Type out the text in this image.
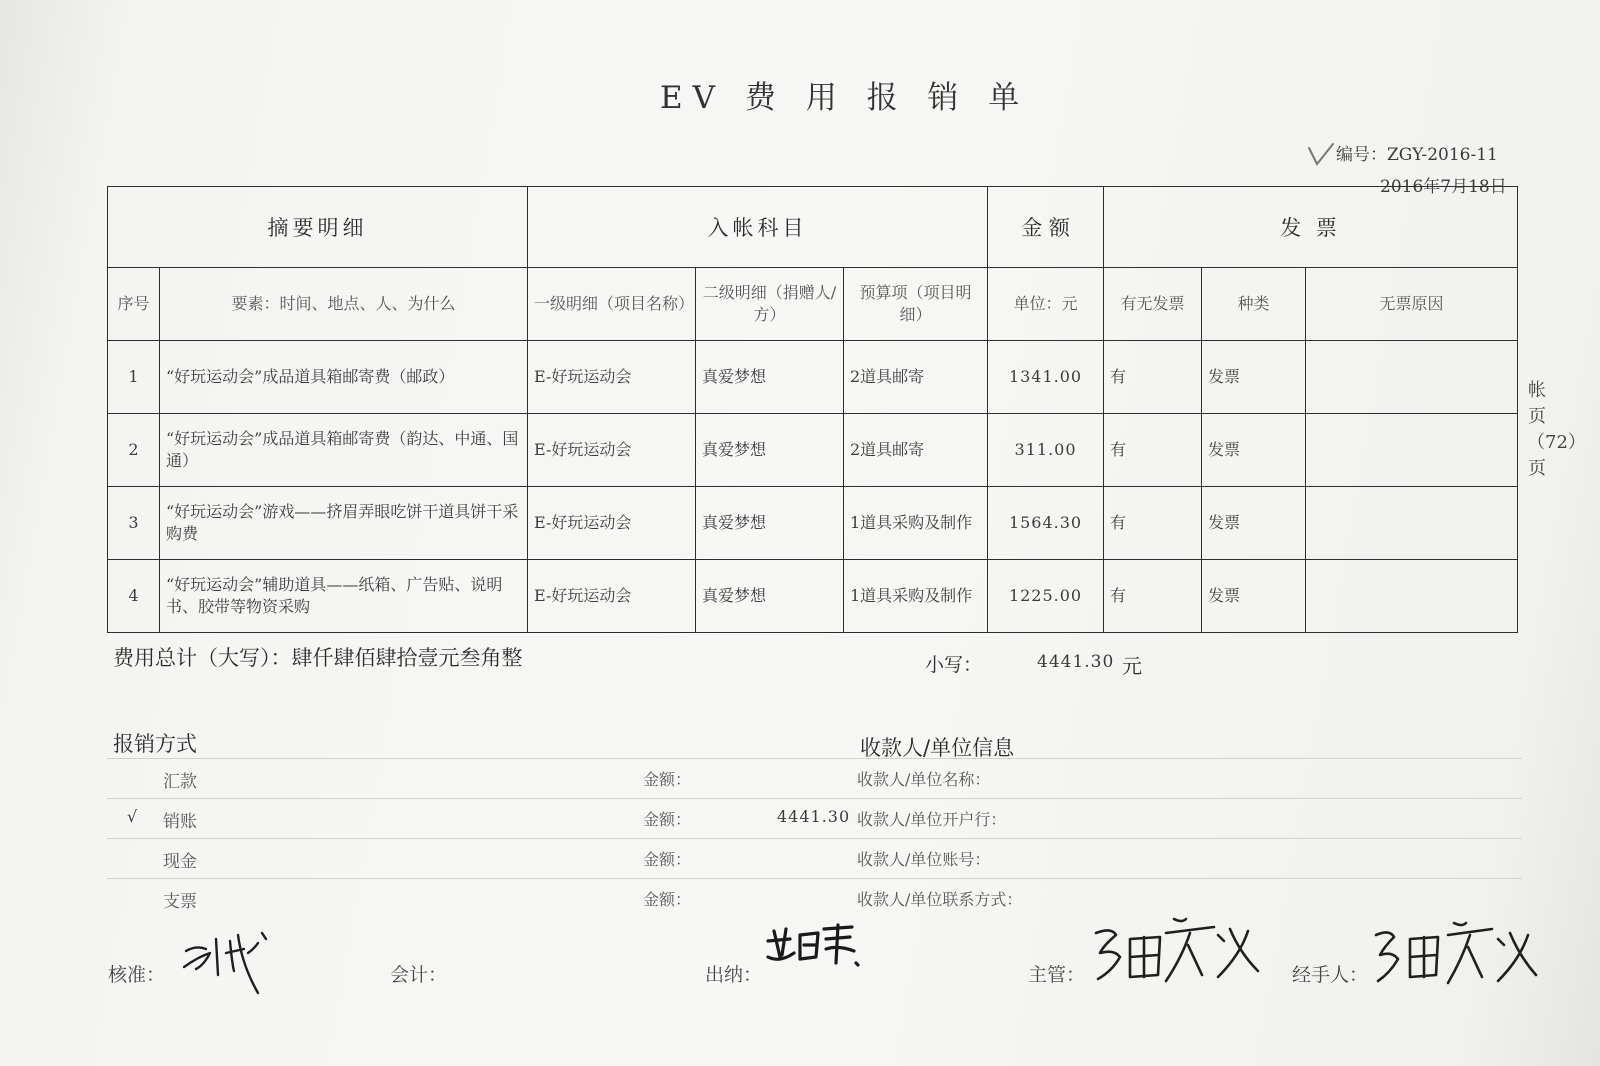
EV 费 用 报 销 单
编号：ZGY-2016-11
2016年7月18日
摘要明细		入帐科目			金 额	发 票		
序号	要素：时间、地点、人、为什么	一级明细（项目名称）	二级明细（捐赠人/方）	预算项（项目明细）	单位：元	有无发票	种类	无票原因
1	“好玩运动会”成品道具箱邮寄费（邮政）	E-好玩运动会	真爱梦想	2道具邮寄	1341.00	有	发票	
2	“好玩运动会”成品道具箱邮寄费（韵达、中通、国通）	E-好玩运动会	真爱梦想	2道具邮寄	311.00	有	发票	
3	“好玩运动会”游戏——挤眉弄眼吃饼干道具饼干采购费	E-好玩运动会	真爱梦想	1道具采购及制作	1564.30	有	发票	
4	“好玩运动会”辅助道具——纸箱、广告贴、说明书、胶带等物资采购	E-好玩运动会	真爱梦想	1道具采购及制作	1225.00	有	发票	
帐页（72）页
费用总计（大写）：肆仟肆佰肆拾壹元叁角整	小写：	4441.30 元
报销方式	收款人/单位信息
汇款	金额：	收款人/单位名称：
√ 销账	金额：	4441.30 收款人/单位开户行：
现金	金额：	收款人/单位账号：
支票	金额：	收款人/单位联系方式：
核准：	会计：	出纳：	主管：	经手人：
